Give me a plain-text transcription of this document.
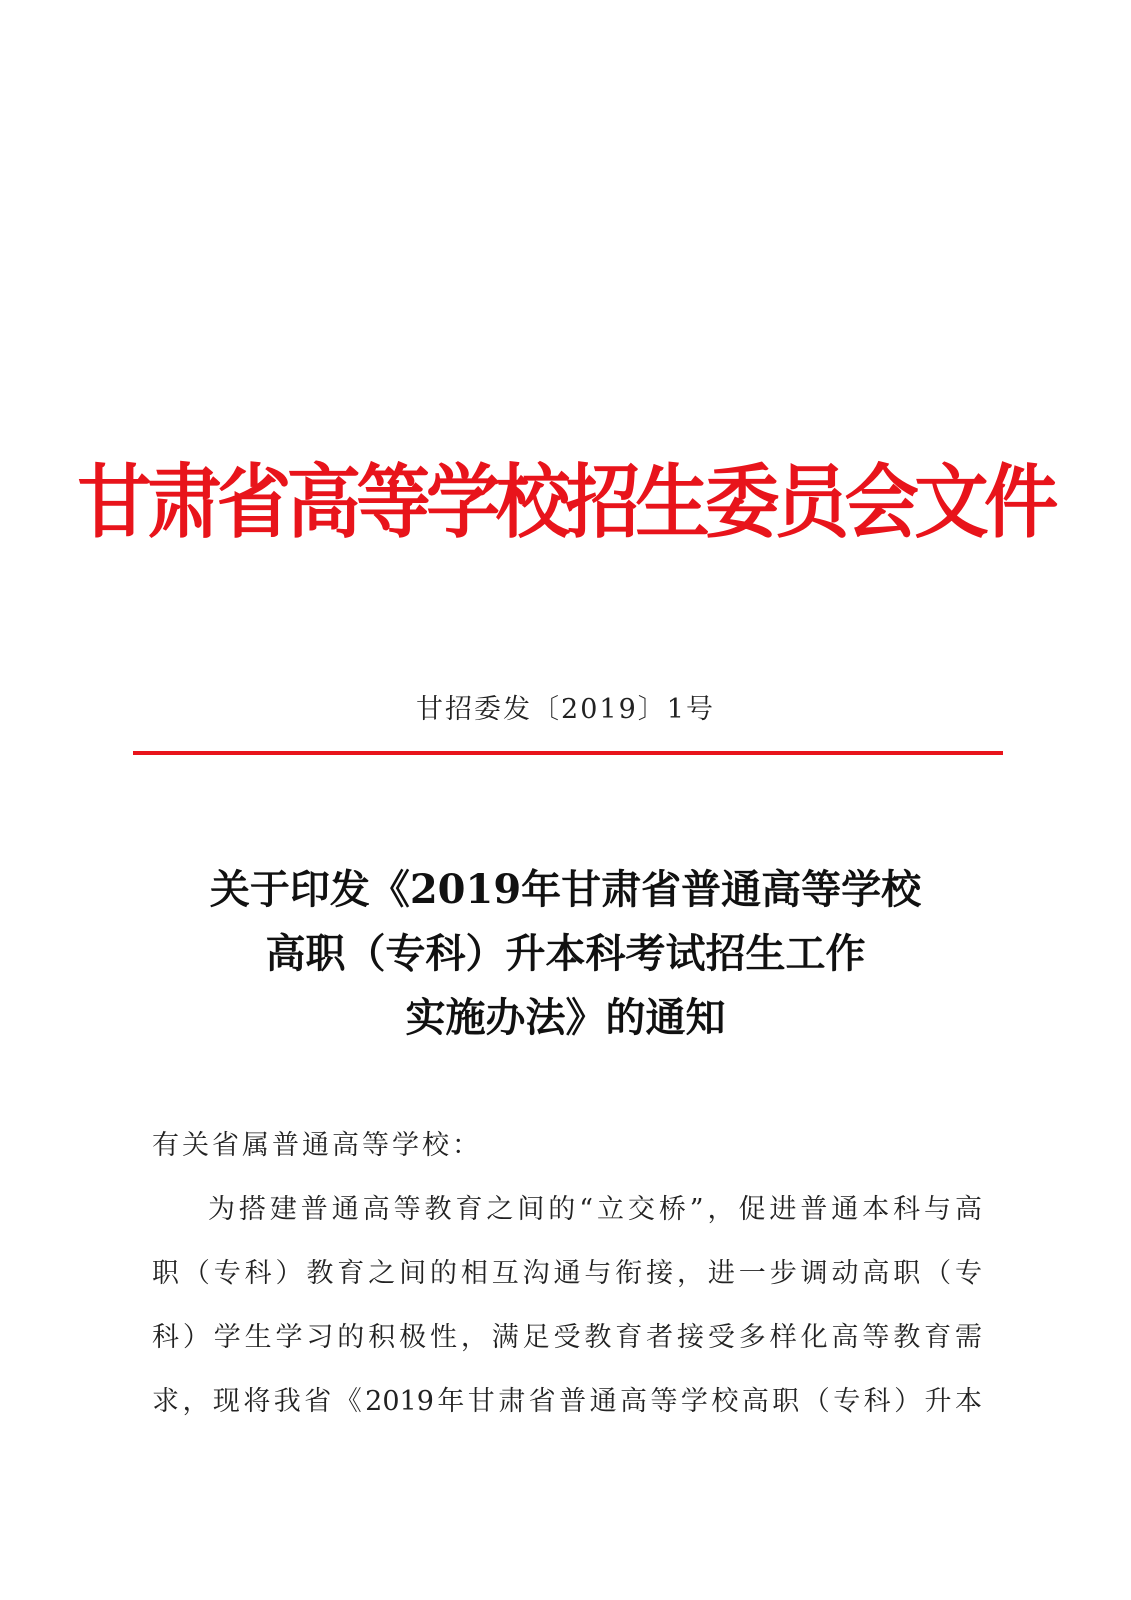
甘肃省高等学校招生委员会文件
甘招委发〔2019〕1号
关于印发《2019年甘肃省普通高等学校
高职（专科）升本科考试招生工作
实施办法》的通知
有关省属普通高等学校：
为搭建普通高等教育之间的“立交桥”，促进普通本科与高
职（专科）教育之间的相互沟通与衔接，进一步调动高职（专
科）学生学习的积极性，满足受教育者接受多样化高等教育需
求，现将我省《2019年甘肃省普通高等学校高职（专科）升本
